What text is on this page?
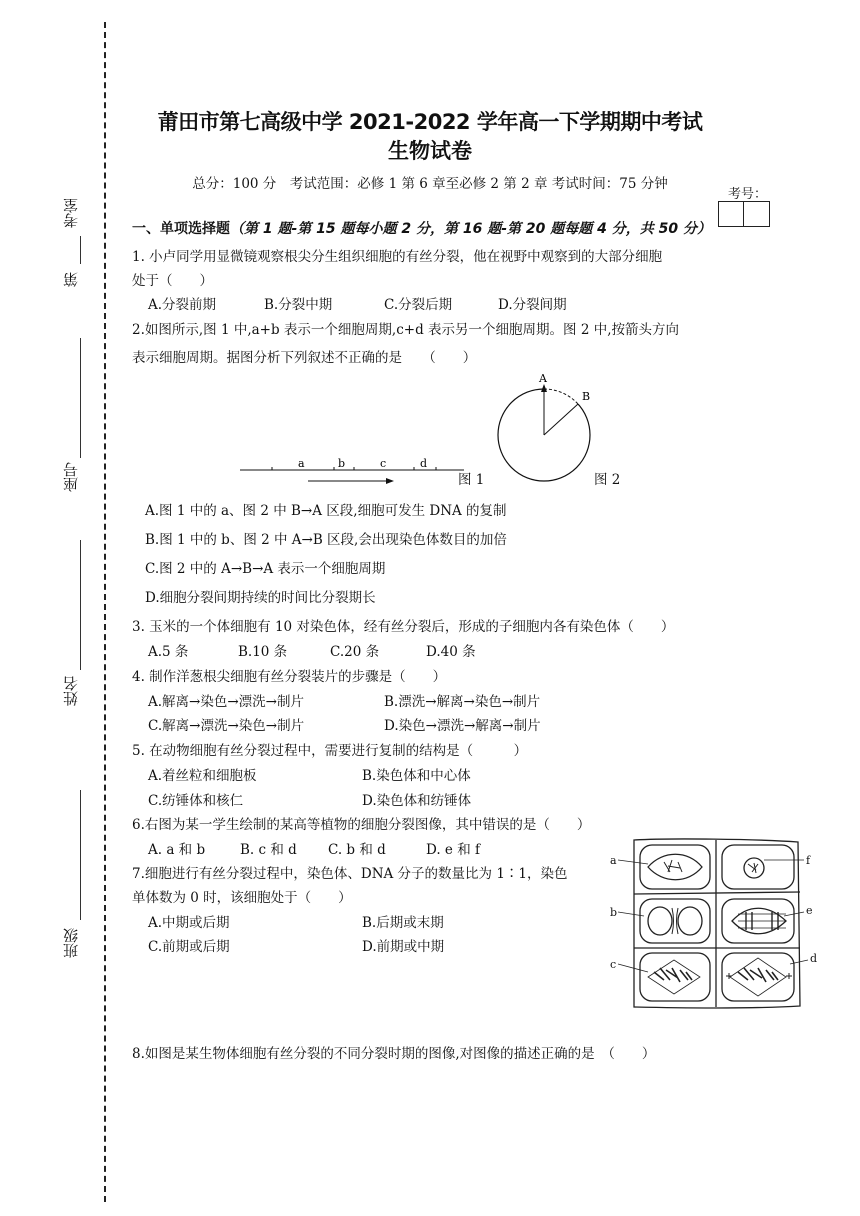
第
考室
座号
姓名
班级
莆田市第七高级中学 2021-2022 学年高一下学期期中考试
生物试卷
总分：100 分　考试范围：必修 1 第 6 章至必修 2 第 2 章 考试时间：75 分钟
考号：
一、单项选择题（第 1 题-第 15 题每小题 2 分，第 16 题-第 20 题每题 4 分，共 50 分）
1. 小卢同学用显微镜观察根尖分生组织细胞的有丝分裂，他在视野中观察到的大部分细胞
处于（　　）
A.分裂前期	B.分裂中期	C.分裂后期	D.分裂间期
2.如图所示,图 1 中,a+b 表示一个细胞周期,c+d 表示另一个细胞周期。图 2 中,按箭头方向
表示细胞周期。据图分析下列叙述不正确的是　　（　　）
a	b	c	d
图 1
A
B
图 2
A.图 1 中的 a、图 2 中 B→A 区段,细胞可发生 DNA 的复制
B.图 1 中的 b、图 2 中 A→B 区段,会出现染色体数目的加倍
C.图 2 中的 A→B→A 表示一个细胞周期
D.细胞分裂间期持续的时间比分裂期长
3. 玉米的一个体细胞有 10 对染色体，经有丝分裂后，形成的子细胞内各有染色体（　　）
A.5 条	B.10 条	C.20 条	D.40 条
4. 制作洋葱根尖细胞有丝分裂装片的步骤是（　　）
A.解离→染色→漂洗→制片	B.漂洗→解离→染色→制片
C.解离→漂洗→染色→制片	D.染色→漂洗→解离→制片
5. 在动物细胞有丝分裂过程中，需要进行复制的结构是（　　　）
A.着丝粒和细胞板	B.染色体和中心体
C.纺锤体和核仁	D.染色体和纺锤体
6.右图为某一学生绘制的某高等植物的细胞分裂图像，其中错误的是（　　）
A. a 和 b	B. c 和 d C. b 和 d	D. e 和 f
7.细胞进行有丝分裂过程中，染色体、DNA 分子的数量比为 1∶1，染色
单体数为 0 时，该细胞处于（　　）
A.中期或后期	B.后期或末期
C.前期或后期	D.前期或中期
a
b
c	d
e
f
8.如图是某生物体细胞有丝分裂的不同分裂时期的图像,对图像的描述正确的是　（　　）
